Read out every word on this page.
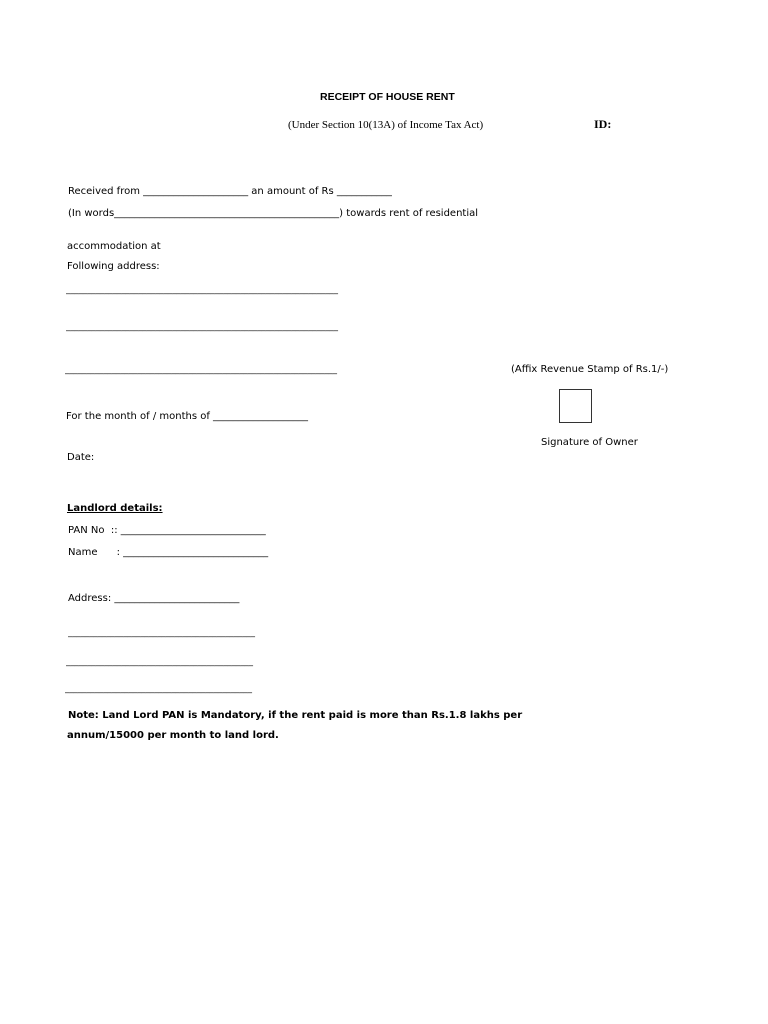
RECEIPT OF HOUSE RENT
(Under Section 10(13A) of Income Tax Act)	ID:
Received from _____________________ an amount of Rs ___________
(In words_____________________________________________) towards rent of residential
accommodation at
Following address:
________________________________________________________________
________________________________________________________________
________________________________________________________________	(Affix Revenue Stamp of Rs.1/-)
For the month of / months of ___________________
Signature of Owner
Date:
Landlord details:
PAN No  :: _____________________________
Name      : _____________________________
Address: _________________________
____________________________________________
____________________________________________
____________________________________________
Note: Land Lord PAN is Mandatory, if the rent paid is more than Rs.1.8 lakhs per
annum/15000 per month to land lord.
